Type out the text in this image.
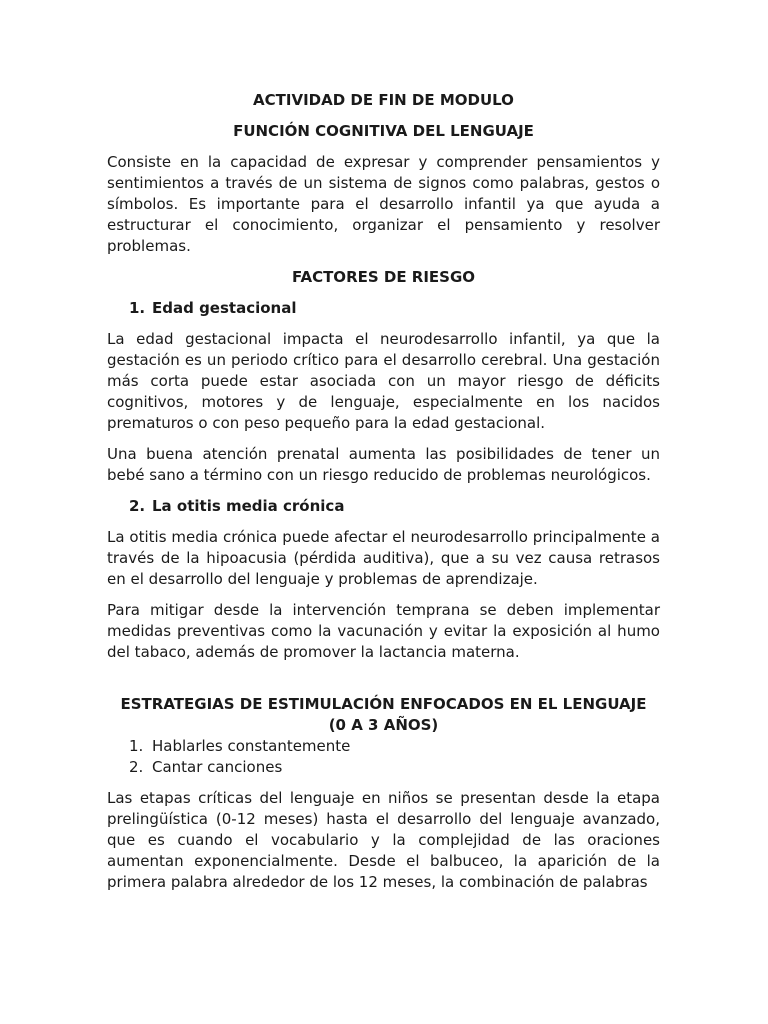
ACTIVIDAD DE FIN DE MODULO
FUNCIÓN COGNITIVA DEL LENGUAJE

Consiste en la capacidad de expresar y comprender pensamientos y sentimientos a través de un sistema de signos como palabras, gestos o símbolos. Es importante para el desarrollo infantil ya que ayuda a estructurar el conocimiento, organizar el pensamiento y resolver problemas.

FACTORES DE RIESGO
1. Edad gestacional

La edad gestacional impacta el neurodesarrollo infantil, ya que la gestación es un periodo crítico para el desarrollo cerebral. Una gestación más corta puede estar asociada con un mayor riesgo de déficits cognitivos, motores y de lenguaje, especialmente en los nacidos prematuros o con peso pequeño para la edad gestacional.

Una buena atención prenatal aumenta las posibilidades de tener un bebé sano a término con un riesgo reducido de problemas neurológicos.

2. La otitis media crónica

La otitis media crónica puede afectar el neurodesarrollo principalmente a través de la hipoacusia (pérdida auditiva), que a su vez causa retrasos en el desarrollo del lenguaje y problemas de aprendizaje.

Para mitigar desde la intervención temprana se deben implementar medidas preventivas como la vacunación y evitar la exposición al humo del tabaco, además de promover la lactancia materna.

ESTRATEGIAS DE ESTIMULACIÓN ENFOCADOS EN EL LENGUAJE
(0 A 3 AÑOS)
1. Hablarles constantemente
2. Cantar canciones

Las etapas críticas del lenguaje en niños se presentan desde la etapa prelingüística (0-12 meses) hasta el desarrollo del lenguaje avanzado, que es cuando el vocabulario y la complejidad de las oraciones aumentan exponencialmente. Desde el balbuceo, la aparición de la primera palabra alrededor de los 12 meses, la combinación de palabras
